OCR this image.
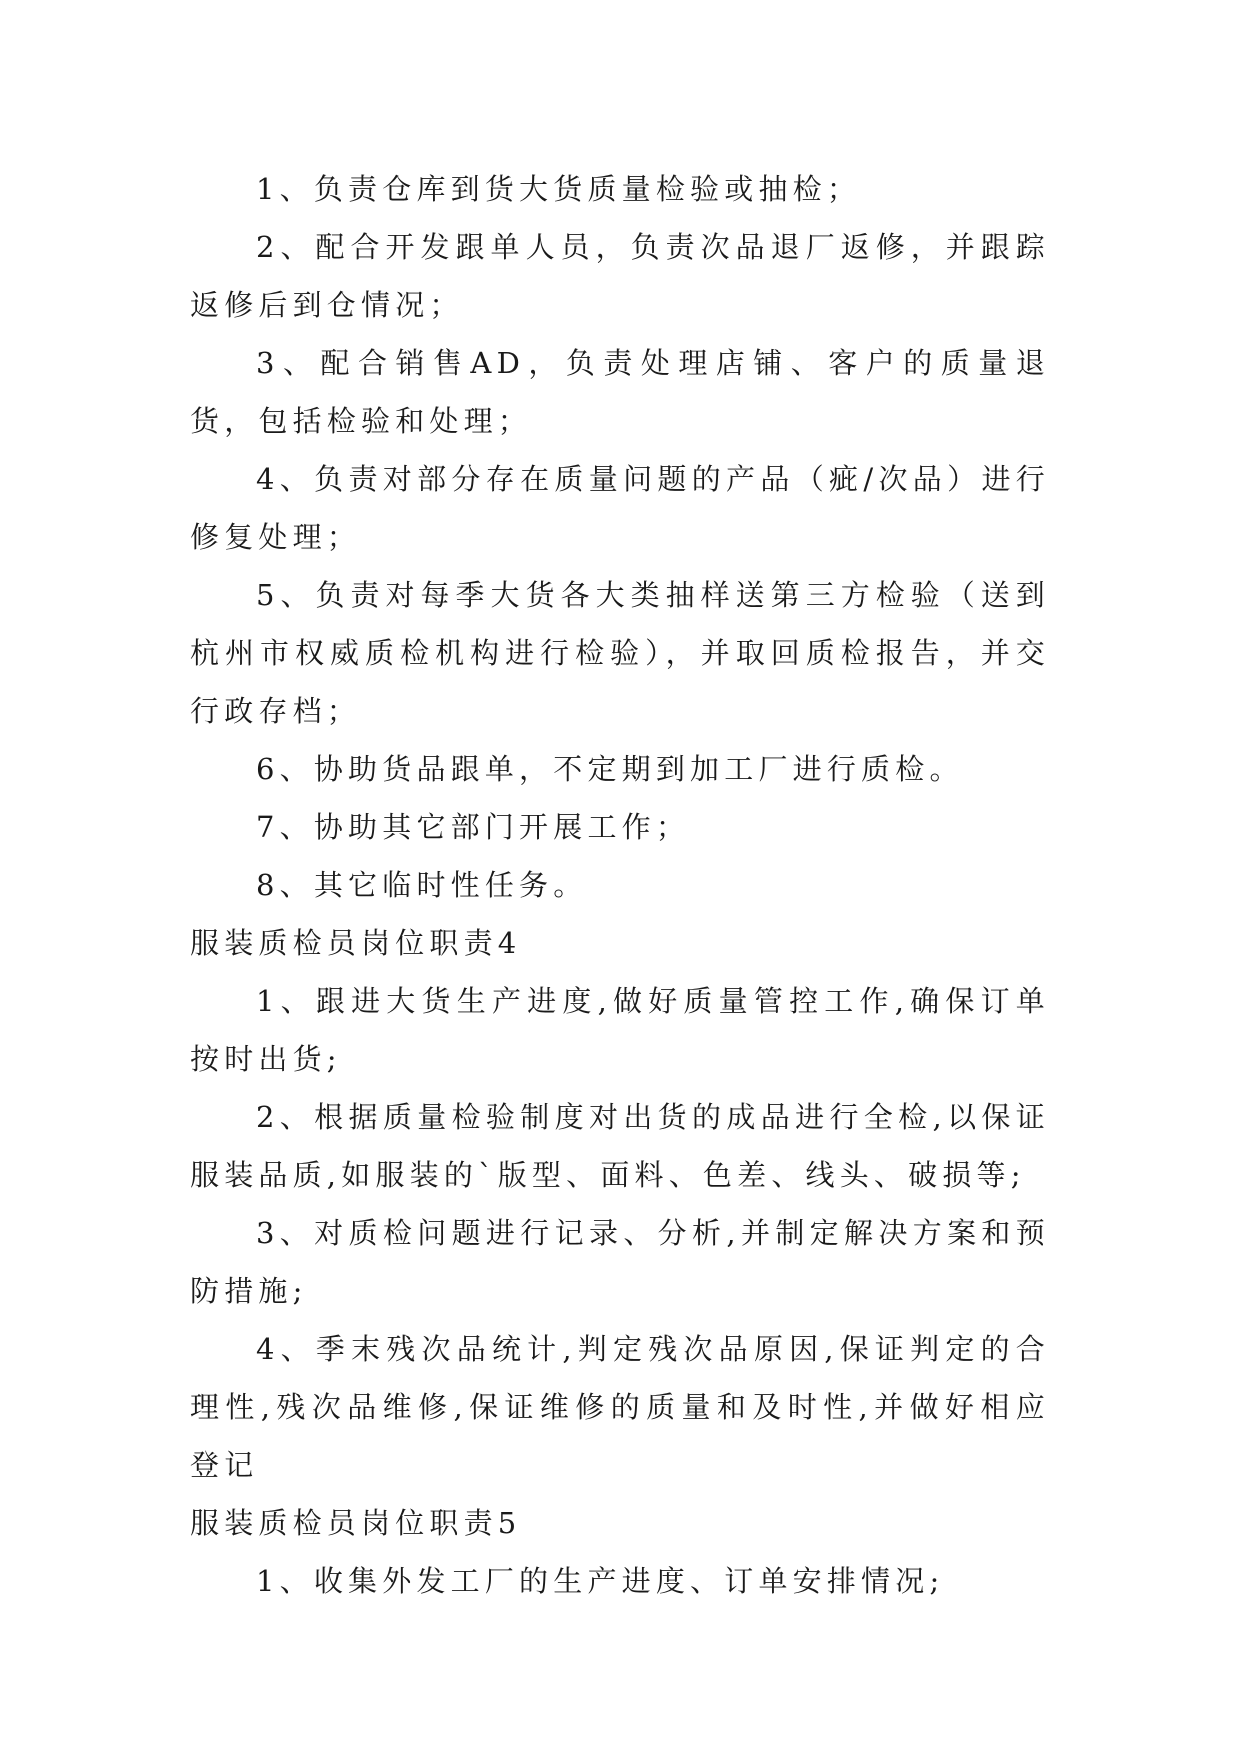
1、负责仓库到货大货质量检验或抽检；

2、配合开发跟单人员，负责次品退厂返修，并跟踪返修后到仓情况；

3、配合销售AD，负责处理店铺、客户的质量退货，包括检验和处理；

4、负责对部分存在质量问题的产品（疵/次品）进行修复处理；

5、负责对每季大货各大类抽样送第三方检验（送到杭州市权威质检机构进行检验），并取回质检报告，并交行政存档；

6、协助货品跟单，不定期到加工厂进行质检。

7、协助其它部门开展工作；

8、其它临时性任务。

服装质检员岗位职责4

1、跟进大货生产进度,做好质量管控工作,确保订单按时出货;

2、根据质量检验制度对出货的成品进行全检,以保证服装品质,如服装的`版型、面料、色差、线头、破损等;

3、对质检问题进行记录、分析,并制定解决方案和预防措施;

4、季末残次品统计,判定残次品原因,保证判定的合理性,残次品维修,保证维修的质量和及时性,并做好相应登记

服装质检员岗位职责5

1、收集外发工厂的生产进度、订单安排情况;
